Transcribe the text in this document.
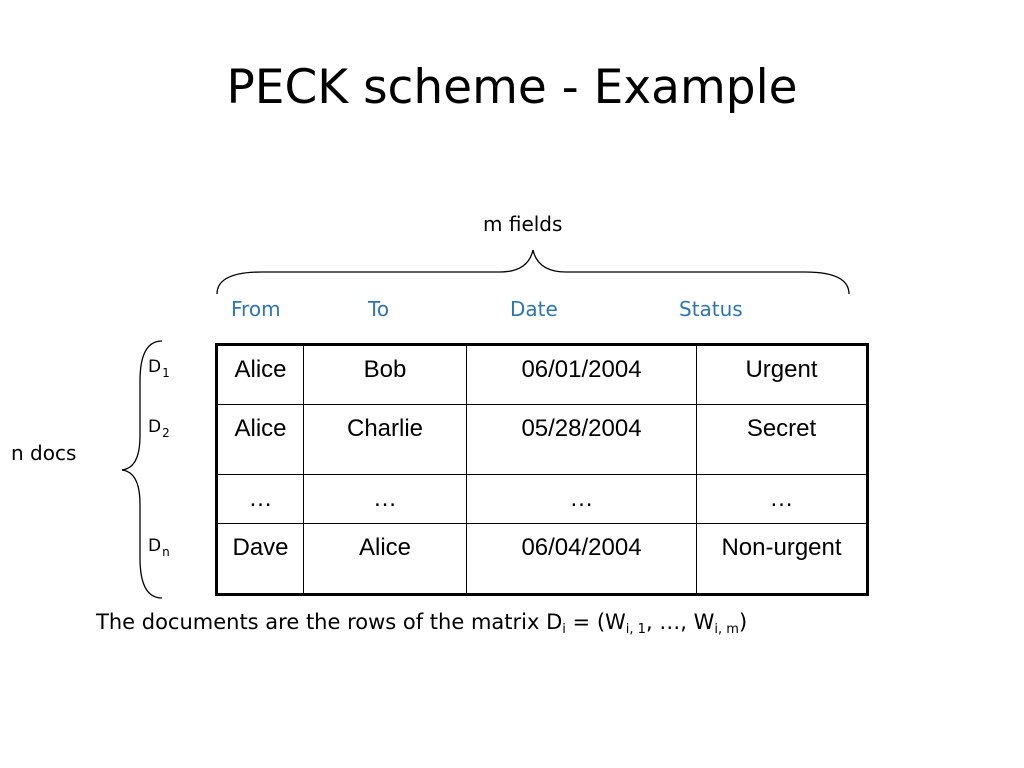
PECK scheme - Example
m fields
From	To	Date	Status
n docs
$D_1$
$D_2$
$D_n$
Alice	Bob	06/01/2004	Urgent
Alice	Charlie	05/28/2004	Secret
…	…	…	…
Dave	Alice	06/04/2004	Non-urgent
The documents are the rows of the matrix $D_i = (W_{i, 1}$, …, $W_{i, m}$)
